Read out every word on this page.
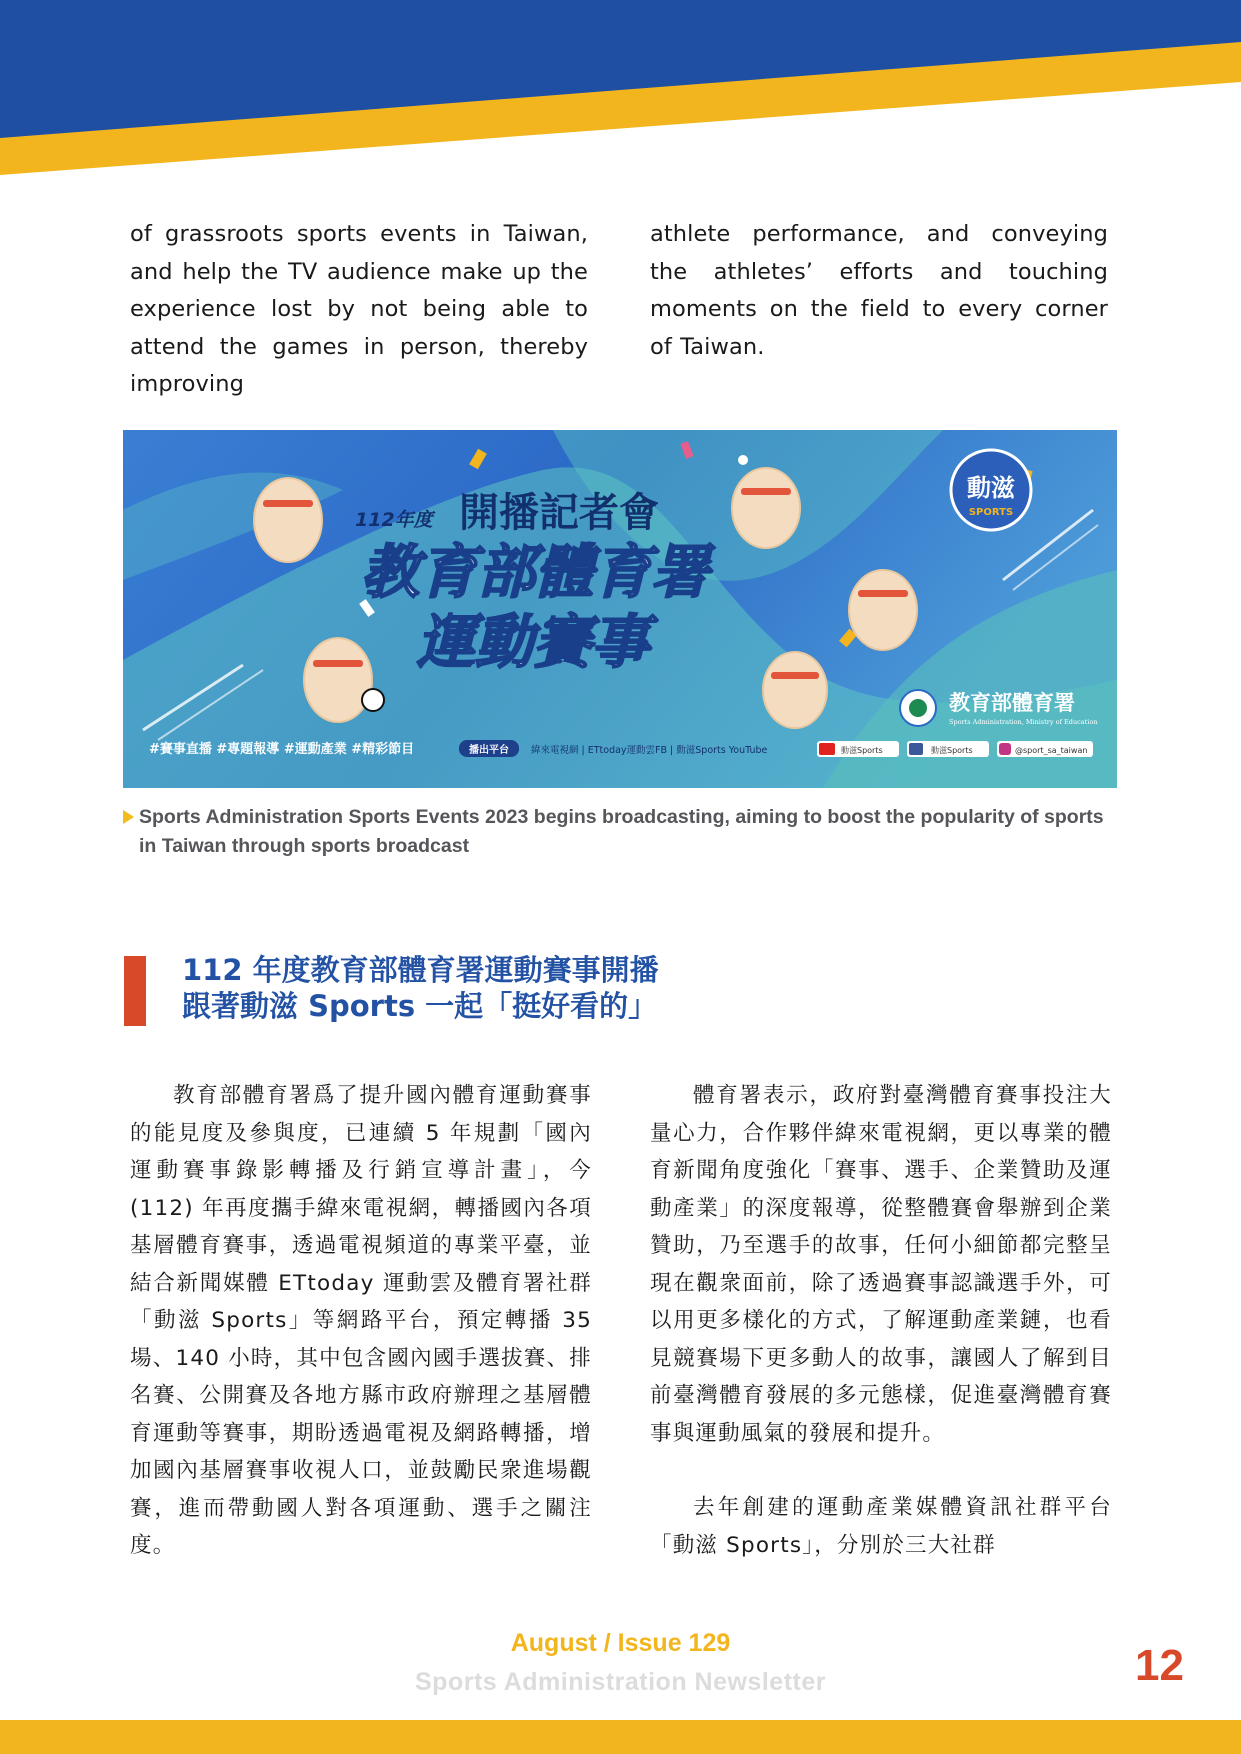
of grassroots sports events in Taiwan, and help the TV audience make up the experience lost by not being able to attend the games in person, thereby improving
athlete performance, and conveying the athletes’ efforts and touching moments on the field to every corner of Taiwan.
112年度 開播記者會
教育部體育署
運動賽事
動滋
SPORTS
教育部體育署
Sports Administration, Ministry of Education
#賽事直播 #專題報導 #運動產業 #精彩節目	播出平台 緯來電視網 | ETtoday運動雲FB | 動滋Sports YouTube	動滋Sports	動滋Sports	@sport_sa_taiwan
Sports Administration Sports Events 2023 begins broadcasting, aiming to boost the popularity of sports in Taiwan through sports broadcast
112 年度教育部體育署運動賽事開播
跟著動滋 Sports 一起「挺好看的」

教育部體育署爲了提升國內體育運動賽事的能見度及參與度，已連續 5 年規劃「國內運動賽事錄影轉播及行銷宣導計畫」，今 (112) 年再度攜手緯來電視網，轉播國內各項基層體育賽事，透過電視頻道的專業平臺，並結合新聞媒體 ETtoday 運動雲及體育署社群「動滋 Sports」等網路平台，預定轉播 35 場、140 小時，其中包含國內國手選拔賽、排名賽、公開賽及各地方縣市政府辦理之基層體育運動等賽事，期盼透過電視及網路轉播，增加國內基層賽事收視人口，並鼓勵民衆進場觀賽，進而帶動國人對各項運動、選手之關注度。

體育署表示，政府對臺灣體育賽事投注大量心力，合作夥伴緯來電視網，更以專業的體育新聞角度強化「賽事、選手、企業贊助及運動產業」的深度報導，從整體賽會舉辦到企業贊助，乃至選手的故事，任何小細節都完整呈現在觀衆面前，除了透過賽事認識選手外，可以用更多樣化的方式，了解運動產業鏈，也看見競賽場下更多動人的故事，讓國人了解到目前臺灣體育發展的多元態樣，促進臺灣體育賽事與運動風氣的發展和提升。

去年創建的運動產業媒體資訊社群平台「動滋 Sports」，分別於三大社群

August / Issue 129
Sports Administration Newsletter	12
